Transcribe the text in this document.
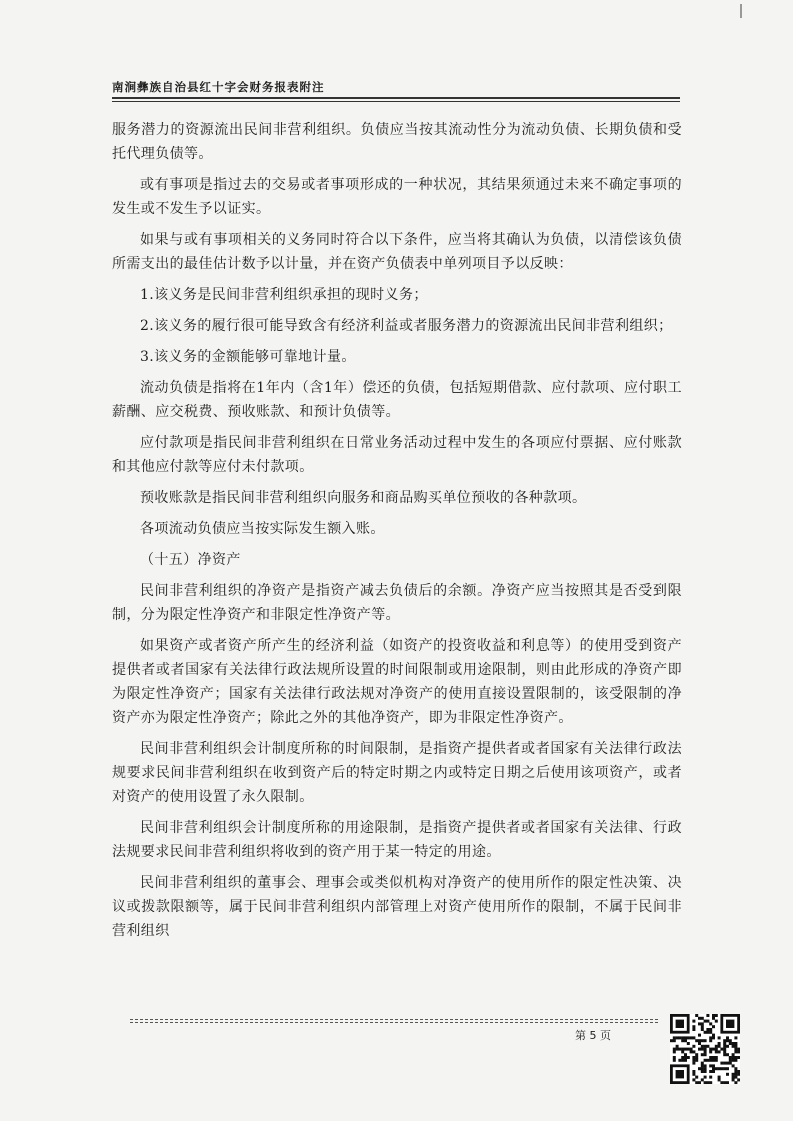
南涧彝族自治县红十字会财务报表附注

服务潜力的资源流出民间非营利组织。负债应当按其流动性分为流动负债、长期负债和受托代理负债等。

或有事项是指过去的交易或者事项形成的一种状况，其结果须通过未来不确定事项的发生或不发生予以证实。

如果与或有事项相关的义务同时符合以下条件，应当将其确认为负债，以清偿该负债所需支出的最佳估计数予以计量，并在资产负债表中单列项目予以反映：

1.该义务是民间非营利组织承担的现时义务；

2.该义务的履行很可能导致含有经济利益或者服务潜力的资源流出民间非营利组织；

3.该义务的金额能够可靠地计量。

流动负债是指将在1年内（含1年）偿还的负债，包括短期借款、应付款项、应付职工薪酬、应交税费、预收账款、和预计负债等。

应付款项是指民间非营利组织在日常业务活动过程中发生的各项应付票据、应付账款和其他应付款等应付未付款项。

预收账款是指民间非营利组织向服务和商品购买单位预收的各种款项。

各项流动负债应当按实际发生额入账。

（十五）净资产

民间非营利组织的净资产是指资产减去负债后的余额。净资产应当按照其是否受到限制，分为限定性净资产和非限定性净资产等。

如果资产或者资产所产生的经济利益（如资产的投资收益和利息等）的使用受到资产提供者或者国家有关法律行政法规所设置的时间限制或用途限制，则由此形成的净资产即为限定性净资产；国家有关法律行政法规对净资产的使用直接设置限制的，该受限制的净资产亦为限定性净资产；除此之外的其他净资产，即为非限定性净资产。

民间非营利组织会计制度所称的时间限制，是指资产提供者或者国家有关法律行政法规要求民间非营利组织在收到资产后的特定时期之内或特定日期之后使用该项资产，或者对资产的使用设置了永久限制。

民间非营利组织会计制度所称的用途限制，是指资产提供者或者国家有关法律、行政法规要求民间非营利组织将收到的资产用于某一特定的用途。

民间非营利组织的董事会、理事会或类似机构对净资产的使用所作的限定性决策、决议或拨款限额等，属于民间非营利组织内部管理上对资产使用所作的限制，不属于民间非营利组织

第 5 页
